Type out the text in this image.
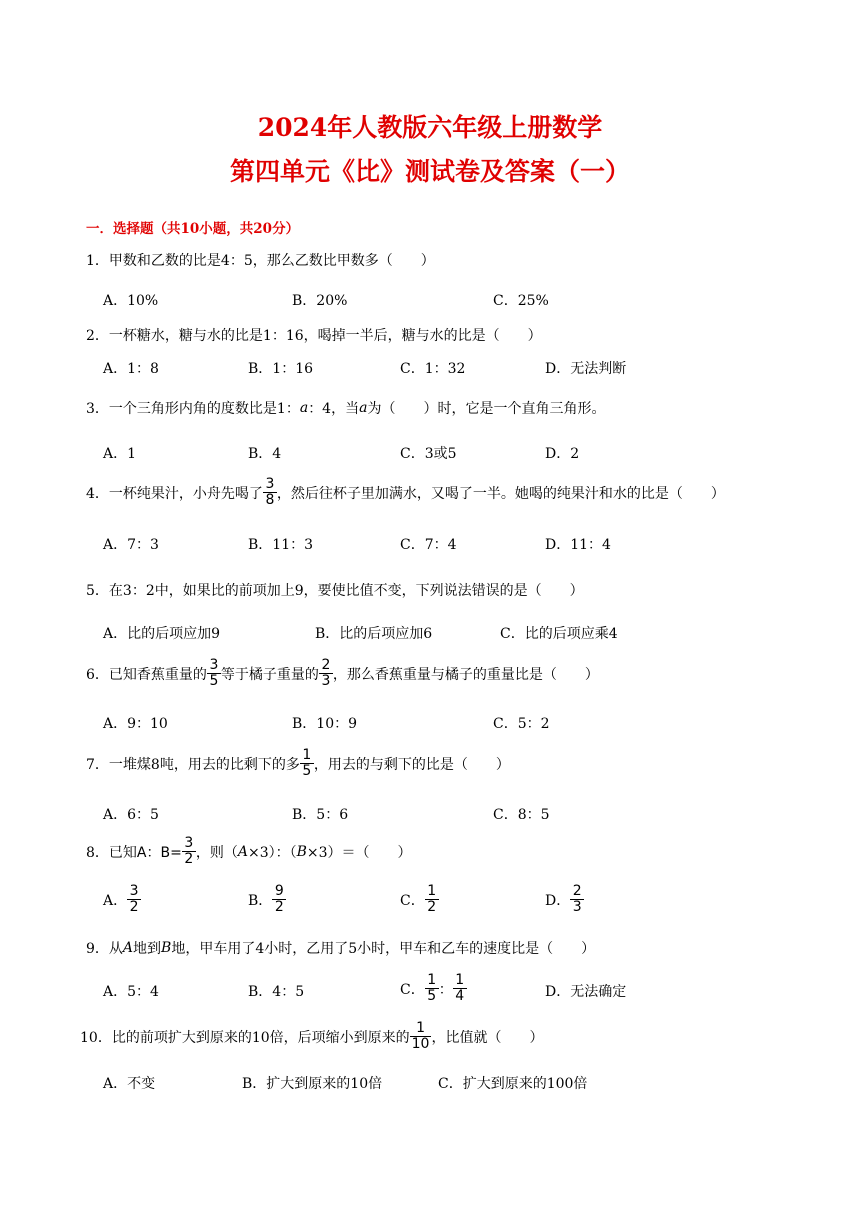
2024年人教版六年级上册数学
第四单元《比》测试卷及答案（一）
一．选择题（共10小题，共20分）
1．甲数和乙数的比是4：5，那么乙数比甲数多（　　）
A．10%	B．20%	C．25%
2．一杯糖水，糖与水的比是1：16，喝掉一半后，糖与水的比是（　　）
A．1：8	B．1：16	C．1：32	D．无法判断
3．一个三角形内角的度数比是1： a ：4，当 a 为（　　）时，它是一个直角三角形。
A．1	B．4	C．3或5	D．2
4．一杯纯果汁，小舟先喝了 $\frac{3}{8}$ ，然后往杯子里加满水，又喝了一半。她喝的纯果汁和水的比是（　　）
A．7：3	B．11：3	C．7：4	D．11：4
5．在3：2中，如果比的前项加上9，要使比值不变，下列说法错误的是（　　）
A．比的后项应加9	B．比的后项应加6	C．比的后项应乘4
6．已知香蕉重量的 $\frac{3}{5}$ 等于橘子重量的 $\frac{2}{3}$ ，那么香蕉重量与橘子的重量比是（　　）
A．9：10	B．10：9	C．5：2
7．一堆煤8吨，用去的比剩下的多 $\frac{1}{5}$ ，用去的与剩下的比是（　　）
A．6：5	B．5：6	C．8：5
8．已知 A：$B= \frac{3}{2}$ ，则（ A ×3）：（ B ×3）＝（　　）
A． $\frac{3}{2}$	B． $\frac{9}{2}$	C． $\frac{1}{2}$	D． $\frac{2}{3}$
9．从 A 地到 B 地，甲车用了4小时，乙用了5小时，甲车和乙车的速度比是（　　）
A．5：4	B．4：5	C． $\frac{1}{5}$ ： $\frac{1}{4}$	D．无法确定
10．比的前项扩大到原来的10倍，后项缩小到原来的 $\frac{1}{10}$ ，比值就（　　）
A．不变	B．扩大到原来的10倍	C．扩大到原来的100倍
